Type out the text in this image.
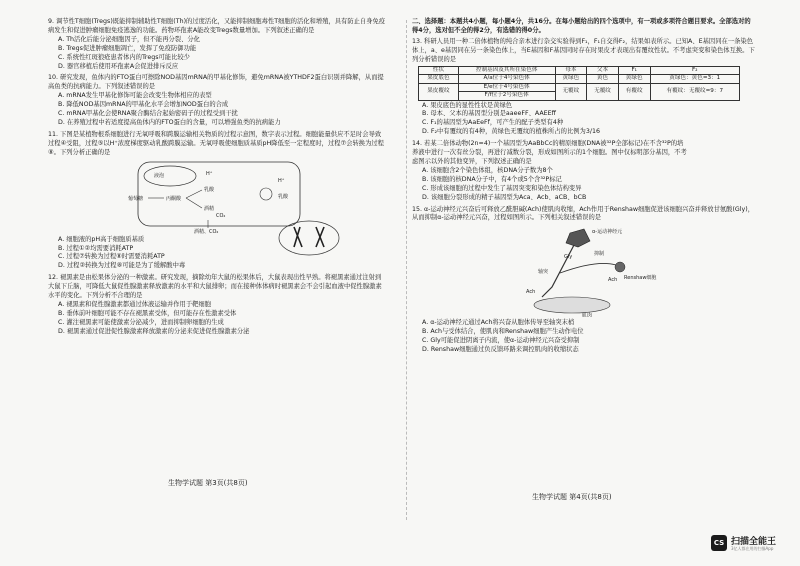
9. 调节性T细胞(Tregs)既能抑制辅助性T细胞(Th)的过度活化，又能抑制细胞毒性T细胞的活化和增殖，具有防止自身免疫病发生和促进肿瘤细胞免疫逃逸的功能。药物环孢素A能改变Tregs数量增加。下列叙述正确的是
A. Th活化后能分泌细胞因子，但不能再分裂、分化
B. Tregs促进肿瘤细胞凋亡，发挥了免疫防御功能
C. 系统性红斑狼疮患者体内的Tregs可能比较少
D. 器官移植后使用环孢素A会促进排斥反应
10. 研究发现，鱼体内的FTO蛋白可擦除NOD基因mRNA的甲基化修饰，避免mRNA被YTHDF2蛋白识别并降解，从而提高鱼类的抗病能力。下列叙述错误的是
A. mRNA发生甲基化修饰可能会改变生物体相应的表型
B. 降低NOD基因mRNA的甲基化水平会增加NOD蛋白的合成
C. mRNA甲基化会使RNA聚合酶结合起始密码子的过程受到干扰
D. 在养殖过程中若适度提高鱼体内的FTO蛋白的含量，可以增强鱼类的抗病能力
11. 下图是某植物根系细胞进行无氧呼吸和跨膜运输相关物质的过程示意图，数字表示过程。细胞能量供应不足时会导致过程④受阻，过程⑤以H⁺浓度梯度驱动乳酸跨膜运输。无氧呼吸使细胞质基质pH降低至一定程度时，过程⑦会转换为过程⑧。下列分析正确的是
液泡	H⁺
葡萄糖	丙酮酸
乳酸
酒精
CO₂
H⁺
乳酸
酒精、CO₂
A. 细胞液的pH高于细胞质基质
B. 过程①②均需要消耗ATP
C. 过程⑦转换为过程⑧时需要消耗ATP
D. 过程②转换为过程⑧可能是为了缓解酸中毒
12. 褪黑素是由松果体分泌的一种激素。研究发现，摘除幼年大鼠的松果体后，大鼠表现出性早熟。将褪黑素通过注射到大鼠下丘脑，可降低大鼠促性腺激素释放激素的水平和大鼠排卵；而在接种体体病时褪黑素会不会引起血液中促性腺激素水平的变化。下列分析不合理的是
A. 褪黑素和促性腺激素都通过体液运输并作用于靶细胞
B. 垂体前叶细胞可能不存在褪黑素受体，但可能存在性激素受体
C. 灌注褪黑素可能使激素分泌减少，进而抑制卵细胞的生成
D. 褪黑素通过促进促性腺激素释放激素的分泌来促进促性腺激素分泌
生物学试题 第3页(共8页)
二、选择题：本题共4小题，每小题4分，共16分。在每小题给出的四个选项中，有一项或多项符合题目要求。全部选对的得4分，选对但不全的得2分，有选错的得0分。
13. 科研人员用一种二倍体植物的纯合亲本进行杂交实验得到F₁，F₁自交得F₂，结果如表所示。已知A、E基因同在一条染色体上，a、e基因同在另一条染色体上，当E基因和F基因同时存在时果皮才表现出有覆纹性状。不考虑突变和染色体互换。下列分析错误的是
性状	控制基因及其所在染色体	母本	父本	F₁	F₂
果皮底色	A/a位于4号染色体	黄绿色	黄色	黄绿色	黄绿色：黄色=3：1
果皮覆纹	E/e位于4号染色体	无覆纹	无覆纹	有覆纹	有覆纹：无覆纹=9：7
	F/f位于2号染色体				
A. 果皮底色的显性性状是黄绿色
B. 母本、父本的基因型分别是aaeeFF、AAEEff
C. F₁的基因型为AaEeFf，可产生的配子类型有4种
D. F₂中有覆纹的有4种，黄绿色无覆纹的植株所占的比例为3/16
14. 若某二倍体动物(2n=4)一个基因型为AaBbCc的精原细胞(DNA被³²P全部标记)在不含³²P的培养液中进行一次有丝分裂，再进行减数分裂，形成如图所示的1个细胞。图中仅标明部分基因，不考虑图示以外的其他变异，下列叙述正确的是
A. 该细胞含2个染色体组，核DNA分子数为8个
B. 该细胞的核DNA分子中，有4个或5个含³²P标记
C. 形成该细胞的过程中发生了基因突变和染色体结构变异
D. 该细胞分裂形成的精子基因型为Aca、Acb、aCB、bCB
15. α-运动神经元兴奋后可释放乙酰胆碱(Ach)使肌肉收缩，Ach作用于Renshaw细胞促进该细胞兴奋并释放甘氨酸(Gly)，从而抑制α-运动神经元兴奋，过程如图所示。下列相关叙述错误的是
α-运动神经元
轴突
Gly	抑制
Ach Renshaw细胞
Ach
肌肉
A. α-运动神经元通过Ach将兴奋从胞体传导至轴突末梢
B. Ach与受体结合，使肌肉和Renshaw细胞产生动作电位
C. Gly可能促进阴离子内流，使α-运动神经元兴奋受抑制
D. Renshaw细胞通过负反馈环路来调控肌肉的收缩状态
生物学试题 第4页(共8页)
CS 扫描全能王
3亿人都在用的扫描App
